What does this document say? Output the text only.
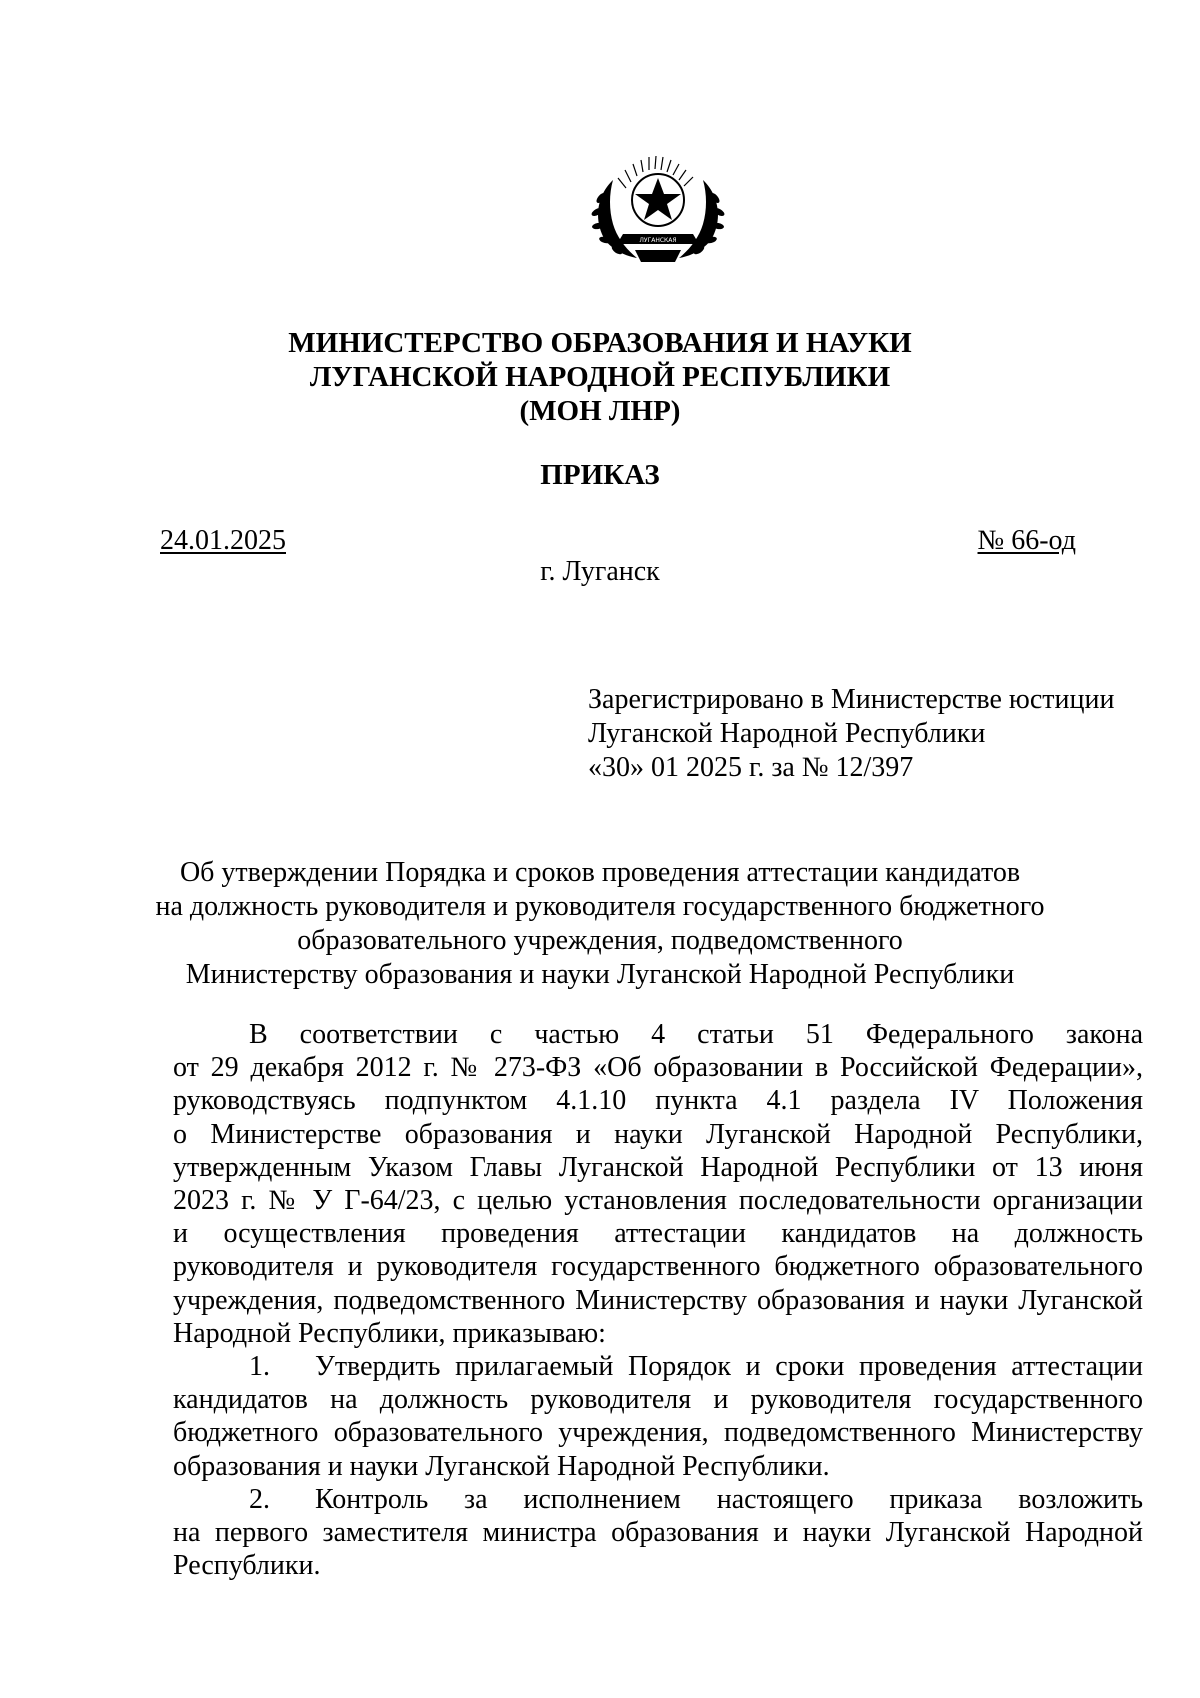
ЛУГАНСКАЯ
МИНИСТЕРСТВО ОБРАЗОВАНИЯ И НАУКИ
ЛУГАНСКОЙ НАРОДНОЙ РЕСПУБЛИКИ
(МОН ЛНР)
ПРИКАЗ
24.01.2025	№ 66-од
г. Луганск
Зарегистрировано в Министерстве юстиции
Луганской Народной Республики
«30» 01 2025 г. за № 12/397
Об утверждении Порядка и сроков проведения аттестации кандидатов
на должность руководителя и руководителя государственного бюджетного
образовательного учреждения, подведомственного
Министерству образования и науки Луганской Народной Республики
В соответствии с частью 4 статьи 51 Федерального закона
от 29 декабря 2012 г. № 273-ФЗ «Об образовании в Российской Федерации»,
руководствуясь подпунктом 4.1.10 пункта 4.1 раздела IV Положения
о Министерстве образования и науки Луганской Народной Республики,
утвержденным Указом Главы Луганской Народной Республики от 13 июня
2023 г. № У Г-64/23, с целью установления последовательности организации
и осуществления проведения аттестации кандидатов на должность
руководителя и руководителя государственного бюджетного образовательного
учреждения, подведомственного Министерству образования и науки Луганской
Народной Республики, приказываю:
1.	Утвердить прилагаемый Порядок и сроки проведения аттестации
кандидатов на должность руководителя и руководителя государственного
бюджетного образовательного учреждения, подведомственного Министерству
образования и науки Луганской Народной Республики.
2.	Контроль за исполнением настоящего приказа возложить
на первого заместителя министра образования и науки Луганской Народной
Республики.
